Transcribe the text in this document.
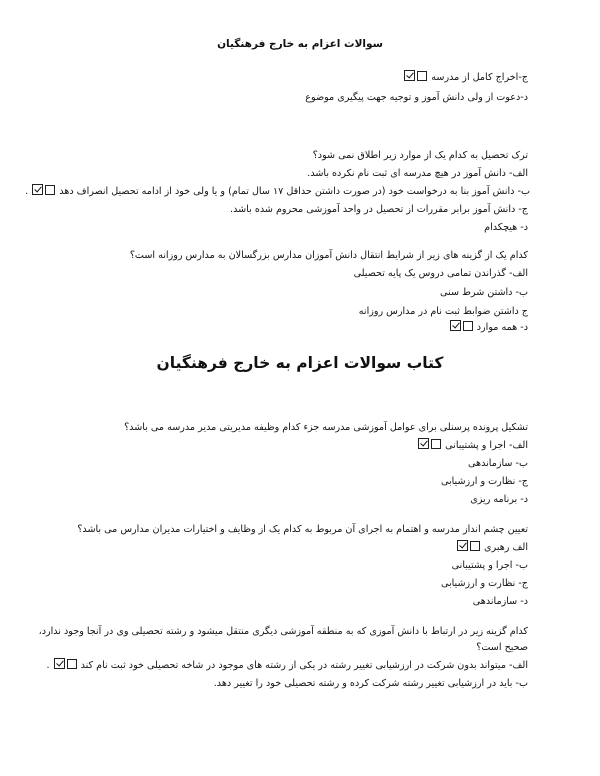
سوالات اعزام به خارج فرهنگیان
ج-اخراج کامل از مدرسه
د-دعوت از ولی دانش آموز و توجیه جهت پیگیری موضوع
ترک تحصیل به کدام یک از موارد زیر اطلاق نمی شود؟
الف- دانش آموز در هیچ مدرسه ای ثبت نام نکرده باشد.
ب- دانش آموز بنا به درخواست خود (در صورت داشتن حداقل ۱۷ سال تمام) و یا ولی خود از ادامه تحصیل انصراف دهد  .
ج- دانش آموز برابر مقررات از تحصیل در واحد آموزشی محروم شده باشد.
د- هیچکدام
کدام یک از گزینه های زیر از شرایط انتقال دانش آموزان مدارس بزرگسالان به مدارس روزانه است؟
الف- گذراندن تمامی دروس یک پایه تحصیلی
ب- داشتن شرط سنی
ج داشتن ضوابط ثبت نام در مدارس روزانه
د- همه موارد
کتاب سوالات اعزام به خارج فرهنگیان
تشکیل پرونده پرسنلی برای عوامل آموزشی مدرسه جزء کدام وظیفه مدیریتی مدیر مدرسه می باشد؟
الف- اجرا و پشتیبانی
ب- سازماندهی
ج- نظارت و ارزشیابی
د- برنامه ریزی
تعیین چشم انداز مدرسه و اهتمام به اجرای آن مربوط به کدام یک از وظایف و اختیارات مدیران مدارس می باشد؟
الف رهبری
ب- اجرا و پشتیبانی
ج- نظارت و ارزشیابی
د- سازماندهی
کدام گزینه زیر در ارتباط با دانش آموزی که به منطقه آموزشی دیگری منتقل میشود و رشته تحصیلی وی در آنجا وجود ندارد،
صحیح است؟
الف- میتواند بدون شرکت در ارزشیابی تغییر رشته در یکی از رشته های موجود در شاخه تحصیلی خود ثبت نام کند  .
ب- باید در ارزشیابی تغییر رشته شرکت کرده و رشته تحصیلی خود را تغییر دهد.
